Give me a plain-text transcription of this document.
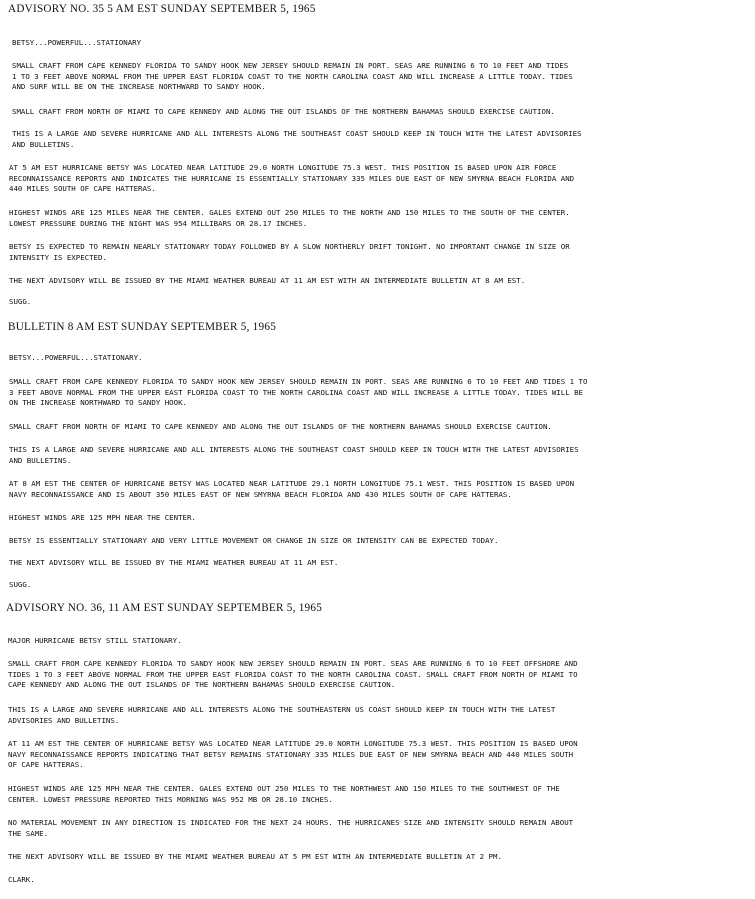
ADVISORY NO. 35 5 AM EST SUNDAY SEPTEMBER 5, 1965
BETSY...POWERFUL...STATIONARY
SMALL CRAFT FROM CAPE KENNEDY FLORIDA TO SANDY HOOK NEW JERSEY SHOULD REMAIN IN PORT. SEAS ARE RUNNING 6 TO 10 FEET AND TIDES
1 TO 3 FEET ABOVE NORMAL FROM THE UPPER EAST FLORIDA COAST TO THE NORTH CAROLINA COAST AND WILL INCREASE A LITTLE TODAY. TIDES
AND SURF WILL BE ON THE INCREASE NORTHWARD TO SANDY HOOK.
SMALL CRAFT FROM NORTH OF MIAMI TO CAPE KENNEDY AND ALONG THE OUT ISLANDS OF THE NORTHERN BAHAMAS SHOULD EXERCISE CAUTION.
THIS IS A LARGE AND SEVERE HURRICANE AND ALL INTERESTS ALONG THE SOUTHEAST COAST SHOULD KEEP IN TOUCH WITH THE LATEST ADVISORIES
AND BULLETINS.
AT 5 AM EST HURRICANE BETSY WAS LOCATED NEAR LATITUDE 29.0 NORTH LONGITUDE 75.3 WEST. THIS POSITION IS BASED UPON AIR FORCE
RECONNAISSANCE REPORTS AND INDICATES THE HURRICANE IS ESSENTIALLY STATIONARY 335 MILES DUE EAST OF NEW SMYRNA BEACH FLORIDA AND
440 MILES SOUTH OF CAPE HATTERAS.
HIGHEST WINDS ARE 125 MILES NEAR THE CENTER. GALES EXTEND OUT 250 MILES TO THE NORTH AND 150 MILES TO THE SOUTH OF THE CENTER.
LOWEST PRESSURE DURING THE NIGHT WAS 954 MILLIBARS OR 28.17 INCHES.
BETSY IS EXPECTED TO REMAIN NEARLY STATIONARY TODAY FOLLOWED BY A SLOW NORTHERLY DRIFT TONIGHT. NO IMPORTANT CHANGE IN SIZE OR
INTENSITY IS EXPECTED.
THE NEXT ADVISORY WILL BE ISSUED BY THE MIAMI WEATHER BUREAU AT 11 AM EST WITH AN INTERMEDIATE BULLETIN AT 8 AM EST.
SUGG.
BULLETIN 8 AM EST SUNDAY SEPTEMBER 5, 1965
BETSY...POWERFUL...STATIONARY.
SMALL CRAFT FROM CAPE KENNEDY FLORIDA TO SANDY HOOK NEW JERSEY SHOULD REMAIN IN PORT. SEAS ARE RUNNING 6 TO 10 FEET AND TIDES 1 TO
3 FEET ABOVE NORMAL FROM THE UPPER EAST FLORIDA COAST TO THE NORTH CAROLINA COAST AND WILL INCREASE A LITTLE TODAY. TIDES WILL BE
ON THE INCREASE NORTHWARD TO SANDY HOOK.
SMALL CRAFT FROM NORTH OF MIAMI TO CAPE KENNEDY AND ALONG THE OUT ISLANDS OF THE NORTHERN BAHAMAS SHOULD EXERCISE CAUTION.
THIS IS A LARGE AND SEVERE HURRICANE AND ALL INTERESTS ALONG THE SOUTHEAST COAST SHOULD KEEP IN TOUCH WITH THE LATEST ADVISORIES
AND BULLETINS.
AT 8 AM EST THE CENTER OF HURRICANE BETSY WAS LOCATED NEAR LATITUDE 29.1 NORTH LONGITUDE 75.1 WEST. THIS POSITION IS BASED UPON
NAVY RECONNAISSANCE AND IS ABOUT 350 MILES EAST OF NEW SMYRNA BEACH FLORIDA AND 430 MILES SOUTH OF CAPE HATTERAS.
HIGHEST WINDS ARE 125 MPH NEAR THE CENTER.
BETSY IS ESSENTIALLY STATIONARY AND VERY LITTLE MOVEMENT OR CHANGE IN SIZE OR INTENSITY CAN BE EXPECTED TODAY.
THE NEXT ADVISORY WILL BE ISSUED BY THE MIAMI WEATHER BUREAU AT 11 AM EST.
SUGG.
ADVISORY NO. 36, 11 AM EST SUNDAY SEPTEMBER 5, 1965
MAJOR HURRICANE BETSY STILL STATIONARY.
SMALL CRAFT FROM CAPE KENNEDY FLORIDA TO SANDY HOOK NEW JERSEY SHOULD REMAIN IN PORT. SEAS ARE RUNNING 6 TO 10 FEET OFFSHORE AND
TIDES 1 TO 3 FEET ABOVE NORMAL FROM THE UPPER EAST FLORIDA COAST TO THE NORTH CAROLINA COAST. SMALL CRAFT FROM NORTH OF MIAMI TO
CAPE KENNEDY AND ALONG THE OUT ISLANDS OF THE NORTHERN BAHAMAS SHOULD EXERCISE CAUTION.
THIS IS A LARGE AND SEVERE HURRICANE AND ALL INTERESTS ALONG THE SOUTHEASTERN US COAST SHOULD KEEP IN TOUCH WITH THE LATEST
ADVISORIES AND BULLETINS.
AT 11 AM EST THE CENTER OF HURRICANE BETSY WAS LOCATED NEAR LATITUDE 29.0 NORTH LONGITUDE 75.3 WEST. THIS POSITION IS BASED UPON
NAVY RECONNAISSANCE REPORTS INDICATING THAT BETSY REMAINS STATIONARY 335 MILES DUE EAST OF NEW SMYRNA BEACH AND 440 MILES SOUTH
OF CAPE HATTERAS.
HIGHEST WINDS ARE 125 MPH NEAR THE CENTER. GALES EXTEND OUT 250 MILES TO THE NORTHWEST AND 150 MILES TO THE SOUTHWEST OF THE
CENTER. LOWEST PRESSURE REPORTED THIS MORNING WAS 952 MB OR 28.10 INCHES.
NO MATERIAL MOVEMENT IN ANY DIRECTION IS INDICATED FOR THE NEXT 24 HOURS. THE HURRICANES SIZE AND INTENSITY SHOULD REMAIN ABOUT
THE SAME.
THE NEXT ADVISORY WILL BE ISSUED BY THE MIAMI WEATHER BUREAU AT 5 PM EST WITH AN INTERMEDIATE BULLETIN AT 2 PM.
CLARK.
